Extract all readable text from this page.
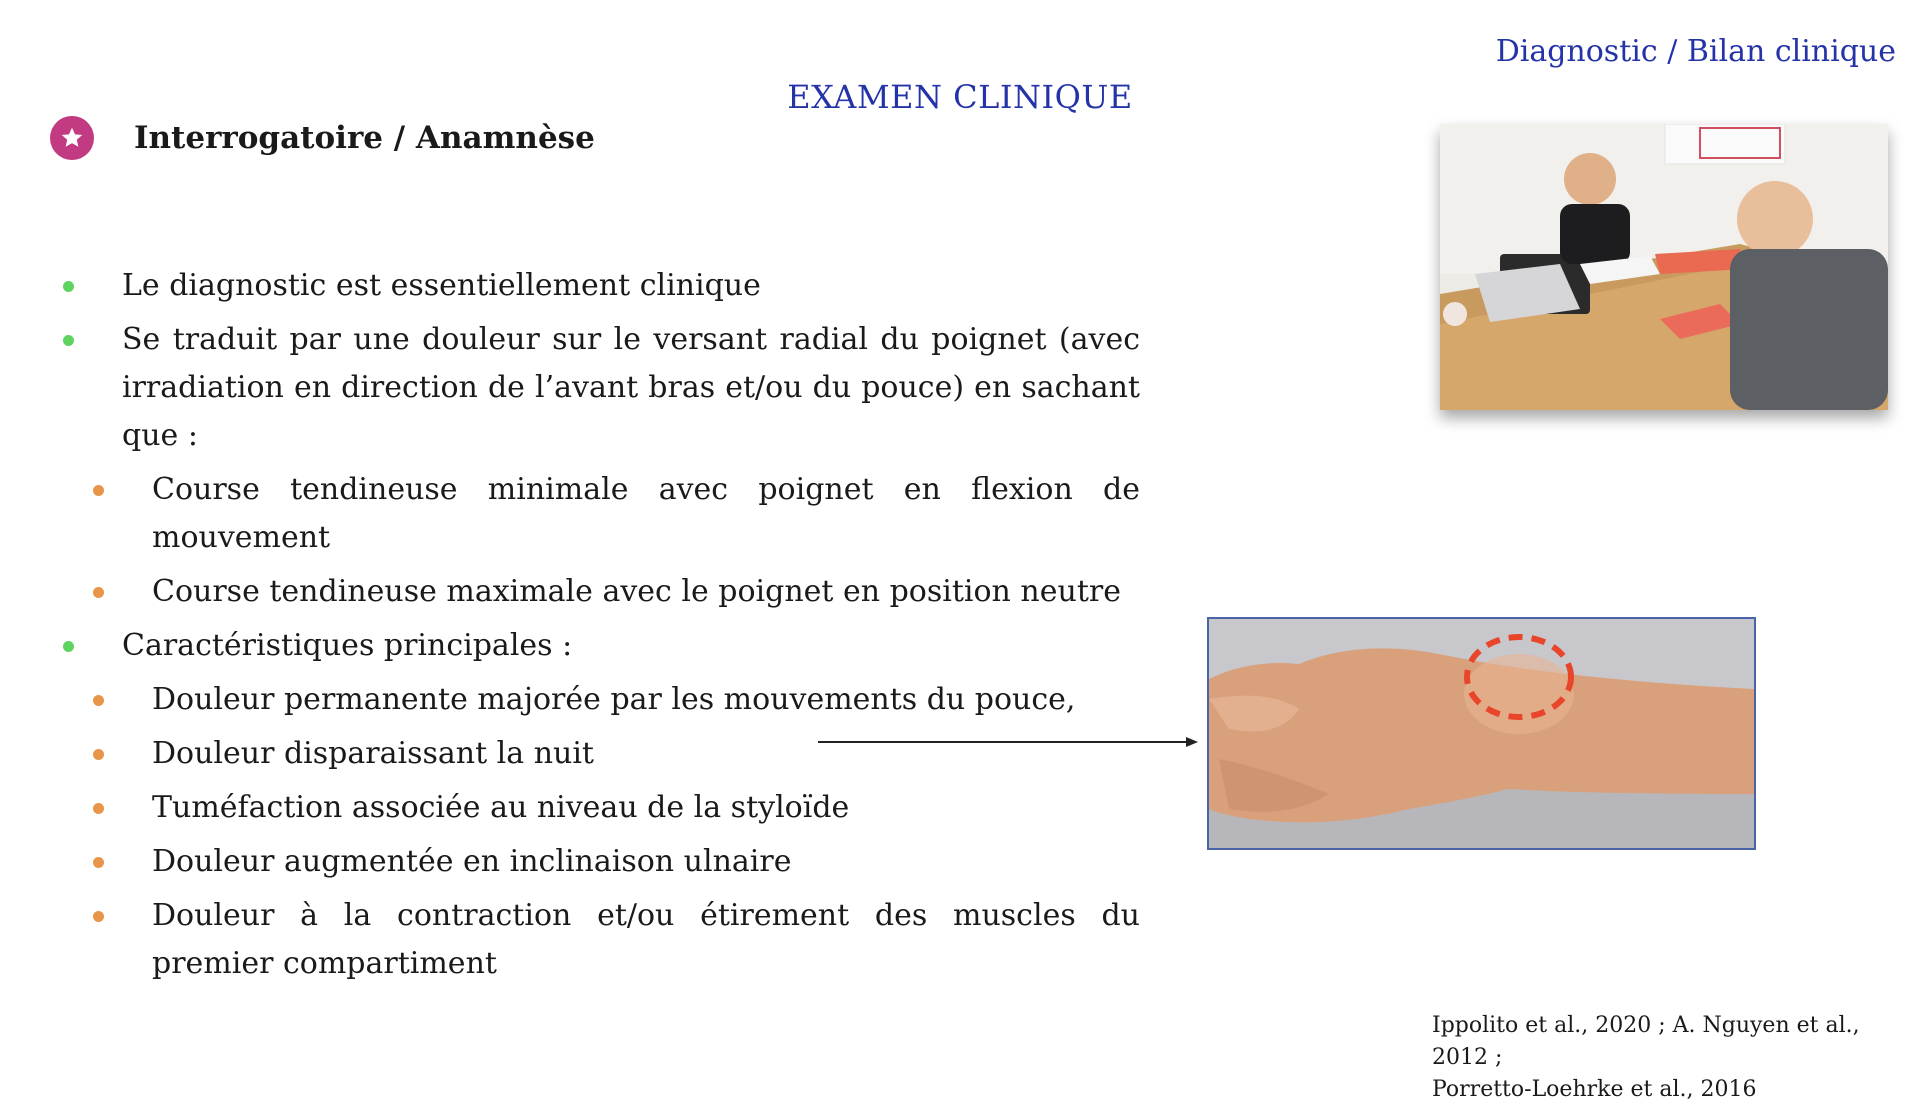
Diagnostic / Bilan clinique
EXAMEN CLINIQUE
Interrogatoire / Anamnèse
Le diagnostic est essentiellement clinique
Se traduit par une douleur sur le versant radial du poignet (avec irradiation en direction de l’avant bras et/ou du pouce) en sachant que :
Course tendineuse minimale avec poignet en flexion de mouvement
Course tendineuse maximale avec le poignet en position neutre
Caractéristiques principales :
Douleur permanente majorée par les mouvements du pouce,
Douleur disparaissant la nuit
Tuméfaction associée au niveau de la styloïde
Douleur augmentée en inclinaison ulnaire
Douleur à la contraction et/ou étirement des muscles du premier compartiment
Ippolito et al., 2020 ; A. Nguyen et al., 2012 ;
Porretto-Loehrke et al., 2016
